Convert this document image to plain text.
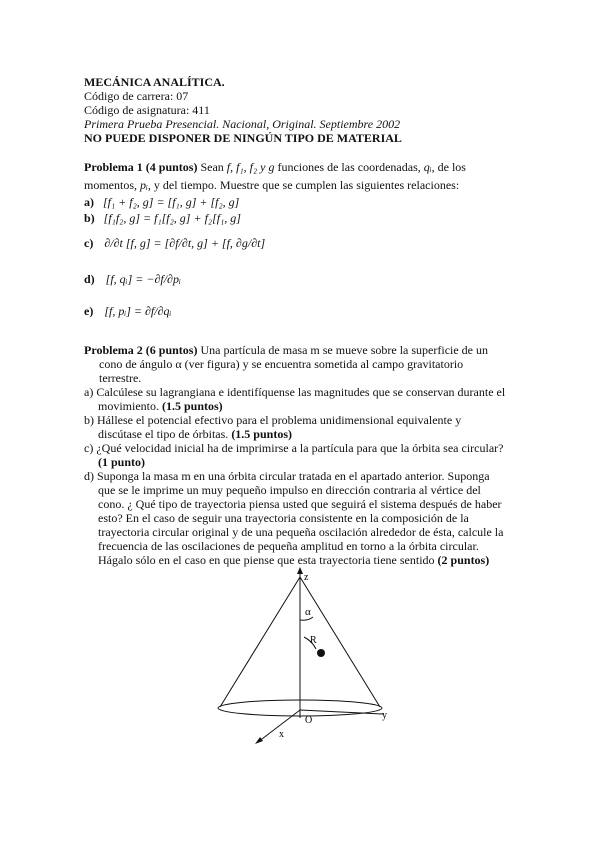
MECÁNICA ANALÍTICA.
Código de carrera: 07
Código de asignatura: 411
Primera Prueba Presencial. Nacional, Original. Septiembre 2002
NO PUEDE DISPONER DE NINGÚN TIPO DE MATERIAL
Problema 1 (4 puntos) Sean f, f₁, f₂ y g funciones de las coordenadas, qᵢ, de los
momentos, pᵢ, y del tiempo. Muestre que se cumplen las siguientes relaciones:
a) [f₁ + f₂, g] = [f₁, g] + [f₂, g]
b) [f₁f₂, g] = f₁[f₂, g] + f₂[f₁, g]
c) ∂/∂t [f, g] = [∂f/∂t, g] + [f, ∂g/∂t]
d) [f, qᵢ] = −∂f/∂pᵢ
e) [f, pᵢ] = ∂f/∂qᵢ
Problema 2 (6 puntos) Una partícula de masa m se mueve sobre la superficie de un
cono de ángulo α (ver figura) y se encuentra sometida al campo gravitatorio
terrestre.
a) Calcúlese su lagrangiana e identifíquense las magnitudes que se conservan durante el
movimiento. (1.5 puntos)
b) Hállese el potencial efectivo para el problema unidimensional equivalente y
discútase el tipo de órbitas. (1.5 puntos)
c) ¿Qué velocidad inicial ha de imprimirse a la partícula para que la órbita sea circular?
(1 punto)
d) Suponga la masa m en una órbita circular tratada en el apartado anterior. Suponga
que se le imprime un muy pequeño impulso en dirección contraria al vértice del
cono. ¿ Qué tipo de trayectoria piensa usted que seguirá el sistema después de haber
esto? En el caso de seguir una trayectoria consistente en la composición de la
trayectoria circular original y de una pequeña oscilación alrededor de ésta, calcule la
frecuencia de las oscilaciones de pequeña amplitud en torno a la órbita circular.
Hágalo sólo en el caso en que piense que esta trayectoria tiene sentido (2 puntos)
z
y
x
O
α
R
